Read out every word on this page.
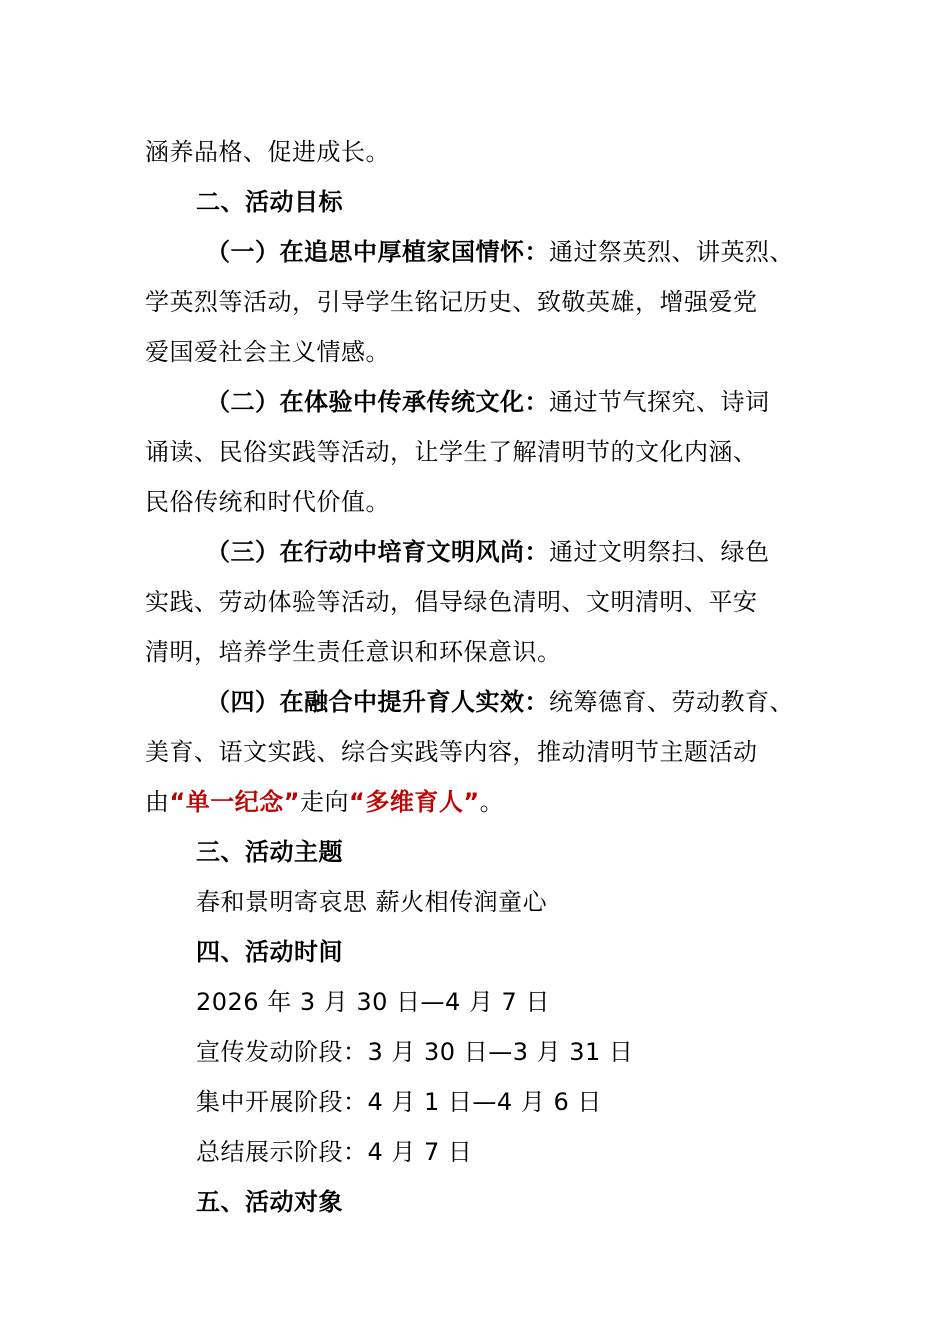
涵养品格、促进成长。
二、活动目标
（一）在追思中厚植家国情怀：通过祭英烈、讲英烈、
学英烈等活动，引导学生铭记历史、致敬英雄，增强爱党
爱国爱社会主义情感。
（二）在体验中传承传统文化：通过节气探究、诗词
诵读、民俗实践等活动，让学生了解清明节的文化内涵、
民俗传统和时代价值。
（三）在行动中培育文明风尚：通过文明祭扫、绿色
实践、劳动体验等活动，倡导绿色清明、文明清明、平安
清明，培养学生责任意识和环保意识。
（四）在融合中提升育人实效：统筹德育、劳动教育、
美育、语文实践、综合实践等内容，推动清明节主题活动
由“单一纪念”走向“多维育人”。
三、活动主题
春和景明寄哀思 薪火相传润童心
四、活动时间
2026 年 3 月 30 日—4 月 7 日
宣传发动阶段：3 月 30 日—3 月 31 日
集中开展阶段：4 月 1 日—4 月 6 日
总结展示阶段：4 月 7 日
五、活动对象
